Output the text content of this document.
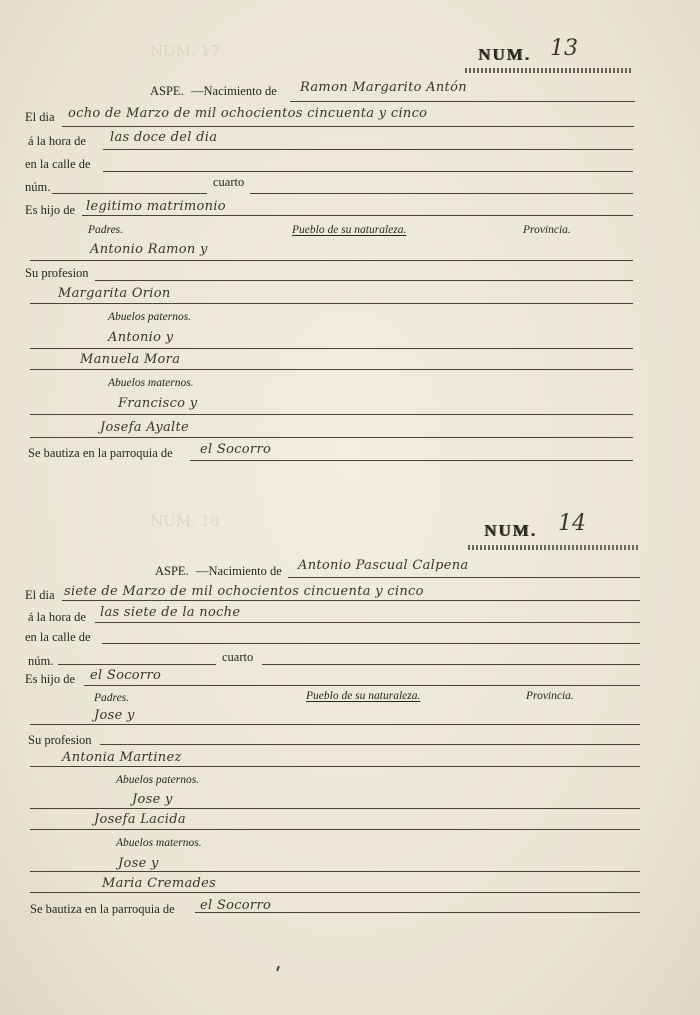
NUM. 17
NUM. 18
NUM. 13
ASPE. —Nacimiento de Ramon Margarito Antón
El dia ocho de Marzo de mil ochocientos cincuenta y cinco
á la hora de las doce del dia
en la calle de
núm.	cuarto
Es hijo de legitimo matrimonio
Padres.	Pueblo de su naturaleza.	Provincia.
Antonio Ramon y
Su profesion
Margarita Orion
Abuelos paternos.
Antonio y
Manuela Mora
Abuelos maternos.
Francisco y
Josefa Ayalte
Se bautiza en la parroquia de el Socorro
NUM. 14
ASPE. —Nacimiento de Antonio Pascual Calpena
El dia siete de Marzo de mil ochocientos cincuenta y cinco
á la hora de las siete de la noche
en la calle de
núm.	cuarto
Es hijo de el Socorro
Padres.	Pueblo de su naturaleza.	Provincia.
Jose y
Su profesion
Antonia Martinez
Abuelos paternos.
Jose y
Josefa Lacida
Abuelos maternos.
Jose y
Maria Cremades
Se bautiza en la parroquia de el Socorro
